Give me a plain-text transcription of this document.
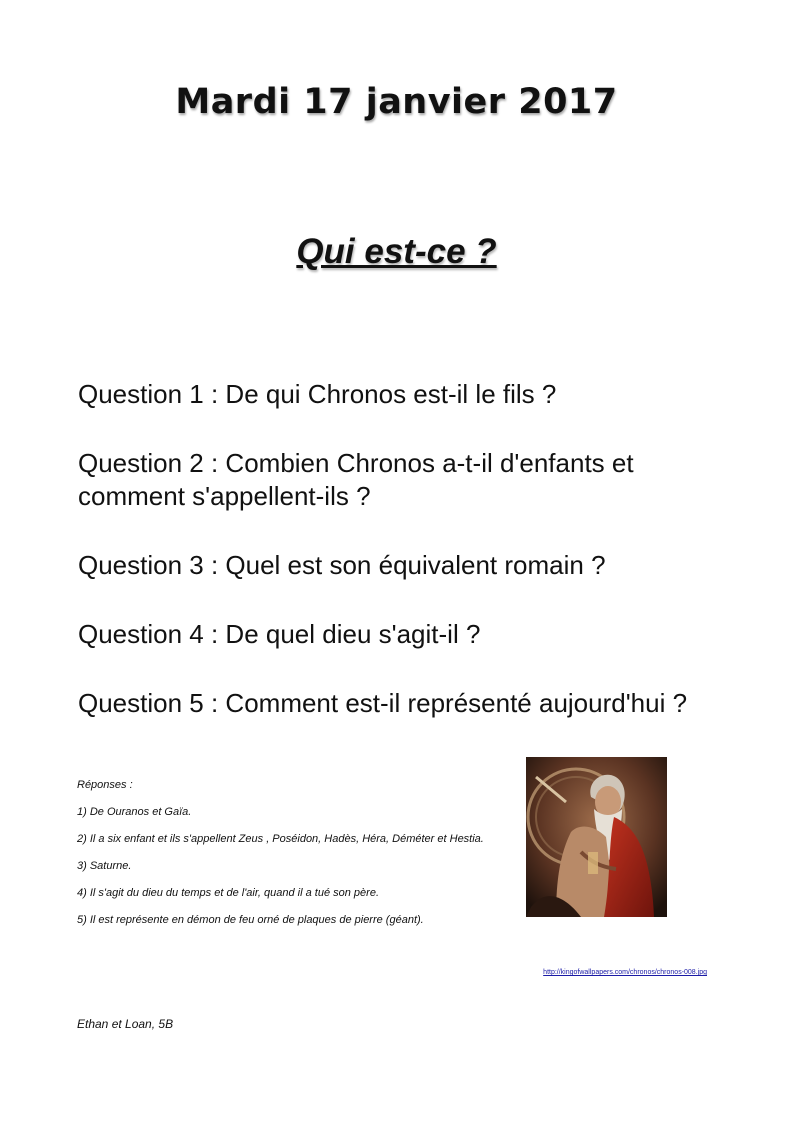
Mardi 17 janvier 2017
Qui est-ce ?

Question 1 : De qui Chronos est-il le fils ?

Question 2 : Combien Chronos a-t-il d'enfants et comment s'appellent-ils ?

Question 3 : Quel est son équivalent romain ?

Question 4 : De quel dieu s'agit-il ?

Question 5 : Comment est-il représenté aujourd'hui ?

Réponses :

1) De Ouranos et Gaïa.

2) Il a six enfant et ils s'appellent Zeus , Poséidon, Hadès, Héra, Déméter et Hestia.

3) Saturne.

4) Il s'agit du dieu du temps et de l'air, quand il a tué son père.

5) Il est représente en démon de feu orné de plaques de pierre (géant).

http://kingofwallpapers.com/chronos/chronos-008.jpg
Ethan et Loan, 5B
